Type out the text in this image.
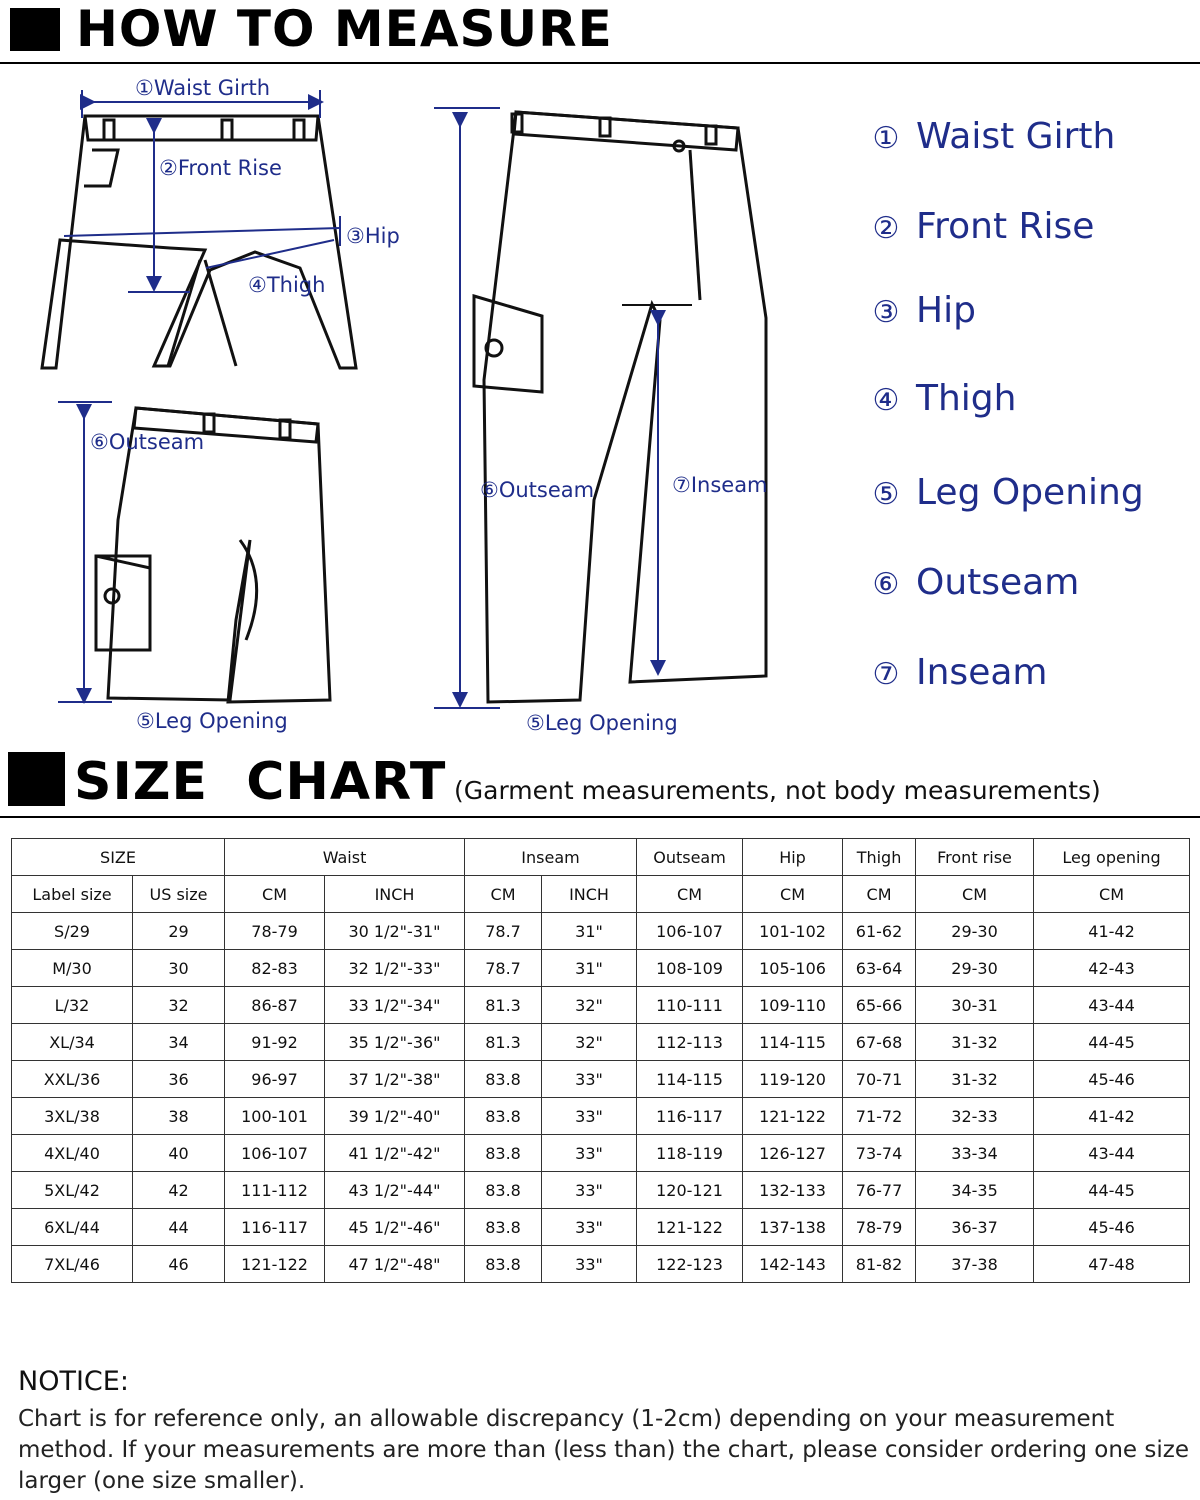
HOW TO MEASURE
①Waist Girth
②Front Rise
③Hip
④Thigh
⑥Outseam
⑤Leg Opening
⑥Outseam	⑦Inseam
⑤Leg Opening
① Waist Girth
② Front Rise
③ Hip
④ Thigh
⑤ Leg Opening
⑥ Outseam
⑦ Inseam
SIZE  CHART (Garment measurements, not body measurements)
SIZE		Waist		Inseam		Outseam	Hip	Thigh	Front rise	Leg opening
Label size	US size	CM	INCH	CM	INCH	CM	CM	CM	CM	CM
S/29	29	78-79	30 1/2"-31"	78.7	31"	106-107	101-102	61-62	29-30	41-42
M/30	30	82-83	32 1/2"-33"	78.7	31"	108-109	105-106	63-64	29-30	42-43
L/32	32	86-87	33 1/2"-34"	81.3	32"	110-111	109-110	65-66	30-31	43-44
XL/34	34	91-92	35 1/2"-36"	81.3	32"	112-113	114-115	67-68	31-32	44-45
XXL/36	36	96-97	37 1/2"-38"	83.8	33"	114-115	119-120	70-71	31-32	45-46
3XL/38	38	100-101	39 1/2"-40"	83.8	33"	116-117	121-122	71-72	32-33	41-42
4XL/40	40	106-107	41 1/2"-42"	83.8	33"	118-119	126-127	73-74	33-34	43-44
5XL/42	42	111-112	43 1/2"-44"	83.8	33"	120-121	132-133	76-77	34-35	44-45
6XL/44	44	116-117	45 1/2"-46"	83.8	33"	121-122	137-138	78-79	36-37	45-46
7XL/46	46	121-122	47 1/2"-48"	83.8	33"	122-123	142-143	81-82	37-38	47-48
NOTICE:
Chart is for reference only, an allowable discrepancy (1-2cm) depending on your measurement method. If your measurements are more than (less than) the chart, please consider ordering one size larger (one size smaller).
